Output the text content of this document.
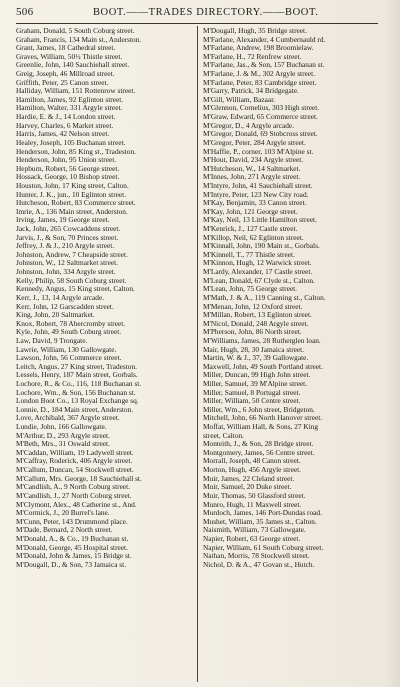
506	BOOT.——TRADES DIRECTORY.——BOOT.
Graham, Donald, 5 South Coburg street.
Graham, Francis, 134 Main st., Anderston.
Grant, James, 18 Cathedral street.
Graves, William, 50½ Thistle street.
Greenlie, John, 140 Sauchiehall street.
Greig, Joseph, 46 Millroad street.
Griffith, Peter, 25 Canon street.
Halliday, William, 151 Rottenrow street.
Hamilton, James, 92 Eglinton street.
Hamilton, Walter, 331 Argyle street.
Hardie, E. & J., 14 London street.
Harvey, Charles, 6 Market street.
Harris, James, 42 Nelson street.
Healey, Joseph, 105 Buchanan street.
Henderson, John, 85 King st., Tradeston.
Henderson, John, 95 Union street.
Hepburn, Robert, 56 George street.
Hossack, George, 10 Bishop street.
Houston, John, 17 King street, Calton.
Hunter, J. K., jun., 10 Eglinton street.
Hutcheson, Robert, 83 Commerce street.
Imrie, A., 136 Main street, Anderston.
Irving, James, 19 George street.
Jack, John, 265 Cowcaddens street.
Jarvis, J., & Son, 70 Princes street.
Jeffrey, J. & J., 210 Argyle street.
Johnston, Andrew, 7 Cheapside street.
Johnston, W., 12 Saltmarket street.
Johnston, John, 334 Argyle street.
Kelly, Philip, 58 South Coburg street.
Kennedy, Angus, 15 King street, Calton.
Kerr, J., 13, 14 Argyle arcade.
Kerr, John, 12 Garscadden street.
King, John, 20 Saltmarket.
Knox, Robert, 78 Abercromby street.
Kyle, John, 49 South Coburg street.
Law, David, 9 Trongate.
Lawrie, William, 130 Gallowgate.
Lawson, John, 56 Commerce street.
Leitch, Angus, 27 King street, Tradeston.
Lessels, Henry, 187 Main street, Gorbals.
Lochore, R., & Co., 116, 118 Buchanan st.
Lochore, Wm., & Son, 156 Buchanan st.
London Boot Co., 13 Royal Exchange sq.
Lonnie, D., 184 Main street, Anderston.
Love, Archibald, 367 Argyle street.
Lundie, John, 166 Gallowgate.
M'Arthur, D., 293 Argyle street.
M'Beth, Mrs., 31 Oswald street.
M'Caddan, William, 19 Ladywell street.
M'Caffray, Roderick, 406 Argyle street.
M'Callum, Duncan, 54 Stockwell street.
M'Callum, Mrs. George, 18 Sauchiehall st.
M'Candlish, A., 9 North Coburg street.
M'Candlish, J., 27 North Coburg street.
M'Clymont, Alex., 48 Catherine st., And.
M'Cormick, J., 20 Burrel's lane.
M'Cunn, Peter, 143 Drummond place.
M'Dade, Bernard, 2 North street.
M'Donald, A., & Co., 19 Buchanan st.
M'Donald, George, 45 Hospital street.
M'Donald, John & James, 15 Bridge st.
M'Dougall, D., & Son, 73 Jamaica st.
M'Dougall, Hugh, 35 Bridge street.
M'Farlane, Alexander, 4 Cumbernauld rd.
M'Farlane, Andrew, 198 Broomielaw.
M'Farlane, H., 72 Renfrew street.
M'Farlane, Jas., & Son, 157 Buchanan st.
M'Farlane, J. & M., 302 Argyle street.
M'Farlane, Peter, 83 Cambridge street.
M'Garry, Patrick, 34 Bridgegate.
M'Gill, William, Bazaar.
M'Glennon, Cornelius, 303 High street.
M'Graw, Edward, 65 Commerce street.
M'Gregor, D., 4 Argyle arcade.
M'Gregor, Donald, 69 Stobcross street.
M'Gregor, Peter, 284 Argyle street.
M'Haffie, P., corner, 103 M'Alpine st.
M'Hout, David, 234 Argyle street.
M'Hutcheson, W., 14 Saltmarket.
M'Innes, John, 271 Argyle street.
M'Intyre, John, 41 Sauchiehall street.
M'Intyre, Peter, 123 New City road.
M'Kay, Benjamin, 33 Canon street.
M'Kay, John, 121 George street.
M'Kay, Neil, 13 Little Hamilton street.
M'Kenrick, J., 127 Castle street.
M'Killop, Neil, 62 Eglinton street.
M'Kinnall, John, 190 Main st., Gorbals.
M'Kinnell, T., 77 Thistle street.
M'Kinnon, Hugh, 12 Warwick street.
M'Lardy, Alexander, 17 Castle street.
M'Lean, Donald, 67 Clyde st., Calton.
M'Lean, John, 75 George street.
M'Math, J. & A., 119 Canning st., Calton.
M'Menan, John, 12 Oxford street.
M'Millan, Robert, 13 Eglinton street.
M'Nicol, Donald, 248 Argyle street.
M'Pherson, John, 86 North street.
M'Williams, James, 28 Rutherglen loan.
Mair, Hugh, 28, 30 Jamaica street.
Martin, W. & J., 37, 39 Gallowgate.
Maxwell, John, 49 South Portland street.
Miller, Duncan, 99 High John street.
Miller, Samuel, 39 M'Alpine street.
Miller, Samuel, 8 Portugal street.
Miller, William, 50 Centre street.
Miller, Wm., 6 John street, Bridgeton.
Mitchell, John, 66 North Hanover street.
Moffat, William Hall, & Sons, 27 King
street, Calton.
Monteith, J., & Son, 28 Bridge street.
Montgomery, James, 56 Centre street.
Morrall, Joseph, 48 Canon street.
Morton, Hugh, 456 Argyle street.
Muir, James, 22 Cleland street.
Muir, Samuel, 20 Duke street.
Muir, Thomas, 50 Glassford street.
Munro, Hugh, 11 Maxwell street.
Murdoch, James, 146 Port-Dundas road.
Mushet, William, 35 James st., Calton.
Naismith, William, 73 Gallowgate.
Napier, Robert, 63 George street.
Napier, William, 61 South Coburg street.
Nathan, Morris, 78 Stockwell street.
Nichol, D. & A., 47 Govan st., Hutch.
